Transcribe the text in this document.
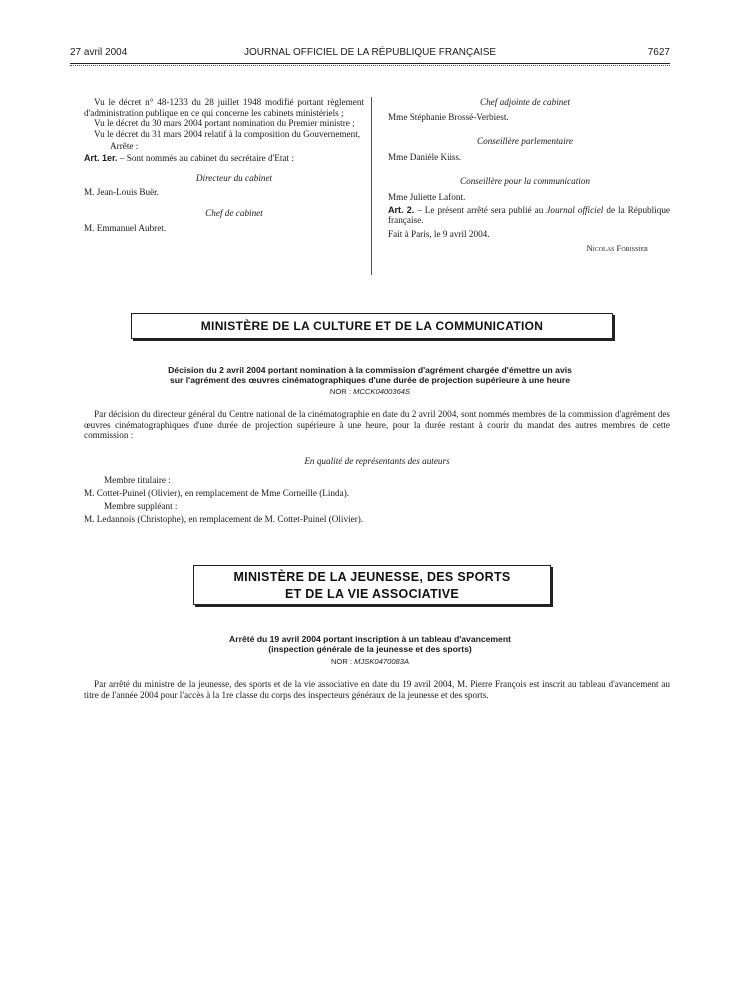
27 avril 2004	JOURNAL OFFICIEL DE LA RÉPUBLIQUE FRANÇAISE	7627

Vu le décret n° 48-1233 du 28 juillet 1948 modifié portant règlement d'administration publique en ce qui concerne les cabinets ministériels ;

Vu le décret du 30 mars 2004 portant nomination du Premier ministre ;

Vu le décret du 31 mars 2004 relatif à la composition du Gouvernement,

Arrête :

Art. 1er. – Sont nommés au cabinet du secrétaire d'Etat :

Directeur du cabinet

M. Jean-Louis Buër.

Chef de cabinet

M. Emmanuel Aubret.

Chef adjointe de cabinet

Mme Stéphanie Brossé-Verbiest.

Conseillère parlementaire

Mme Danièle Küss.

Conseillère pour la communication

Mme Juliette Lafont.

Art. 2. – Le présent arrêté sera publié au Journal officiel de la République française.

Fait à Paris, le 9 avril 2004.

Nicolas Forissier

MINISTÈRE DE LA CULTURE ET DE LA COMMUNICATION
Décision du 2 avril 2004 portant nomination à la commission d'agrément chargée d'émettre un avis
sur l'agrément des œuvres cinématographiques d'une durée de projection supérieure à une heure
NOR : MCCK0400364S

Par décision du directeur général du Centre national de la cinématographie en date du 2 avril 2004, sont nommés membres de la commission d'agrément des œuvres cinématographiques d'une durée de projection supérieure à une heure, pour la durée restant à courir du mandat des autres membres de cette commission :

En qualité de représentants des auteurs

Membre titulaire :

M. Cottet-Puinel (Olivier), en remplacement de Mme Corneille (Linda).

Membre suppléant :

M. Ledannois (Christophe), en remplacement de M. Cottet-Puinel (Olivier).

MINISTÈRE DE LA JEUNESSE, DES SPORTS
ET DE LA VIE ASSOCIATIVE
Arrêté du 19 avril 2004 portant inscription à un tableau d'avancement
(inspection générale de la jeunesse et des sports)
NOR : MJSK0470083A

Par arrêté du ministre de la jeunesse, des sports et de la vie associative en date du 19 avril 2004, M. Pierre François est inscrit au tableau d'avancement au titre de l'année 2004 pour l'accès à la 1re classe du corps des inspecteurs généraux de la jeunesse et des sports.
